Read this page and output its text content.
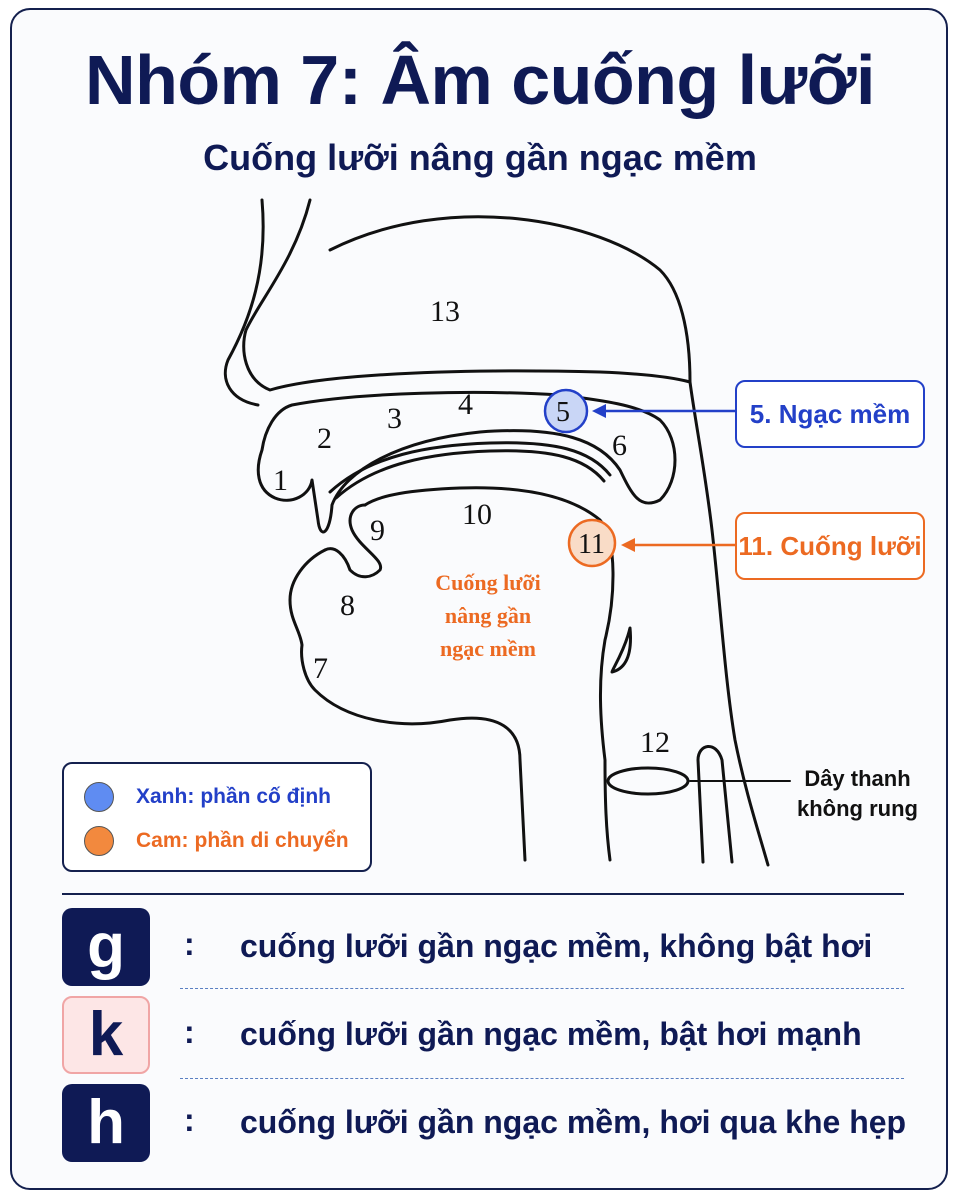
Nhóm 7: Âm cuống lưỡi
Cuống lưỡi nâng gần ngạc mềm
1
2
3 4
6
7
8
9	10
12
13
5
11
Cuống lưỡi
nâng gần
ngạc mềm
5. Ngạc mềm
11. Cuống lưỡi
Dây thanh
không rung
Xanh: phần cố định
Cam: phần di chuyển
g	: cuống lưỡi gần ngạc mềm, không bật hơi
k	: cuống lưỡi gần ngạc mềm, bật hơi mạnh
h	: cuống lưỡi gần ngạc mềm, hơi qua khe hẹp
